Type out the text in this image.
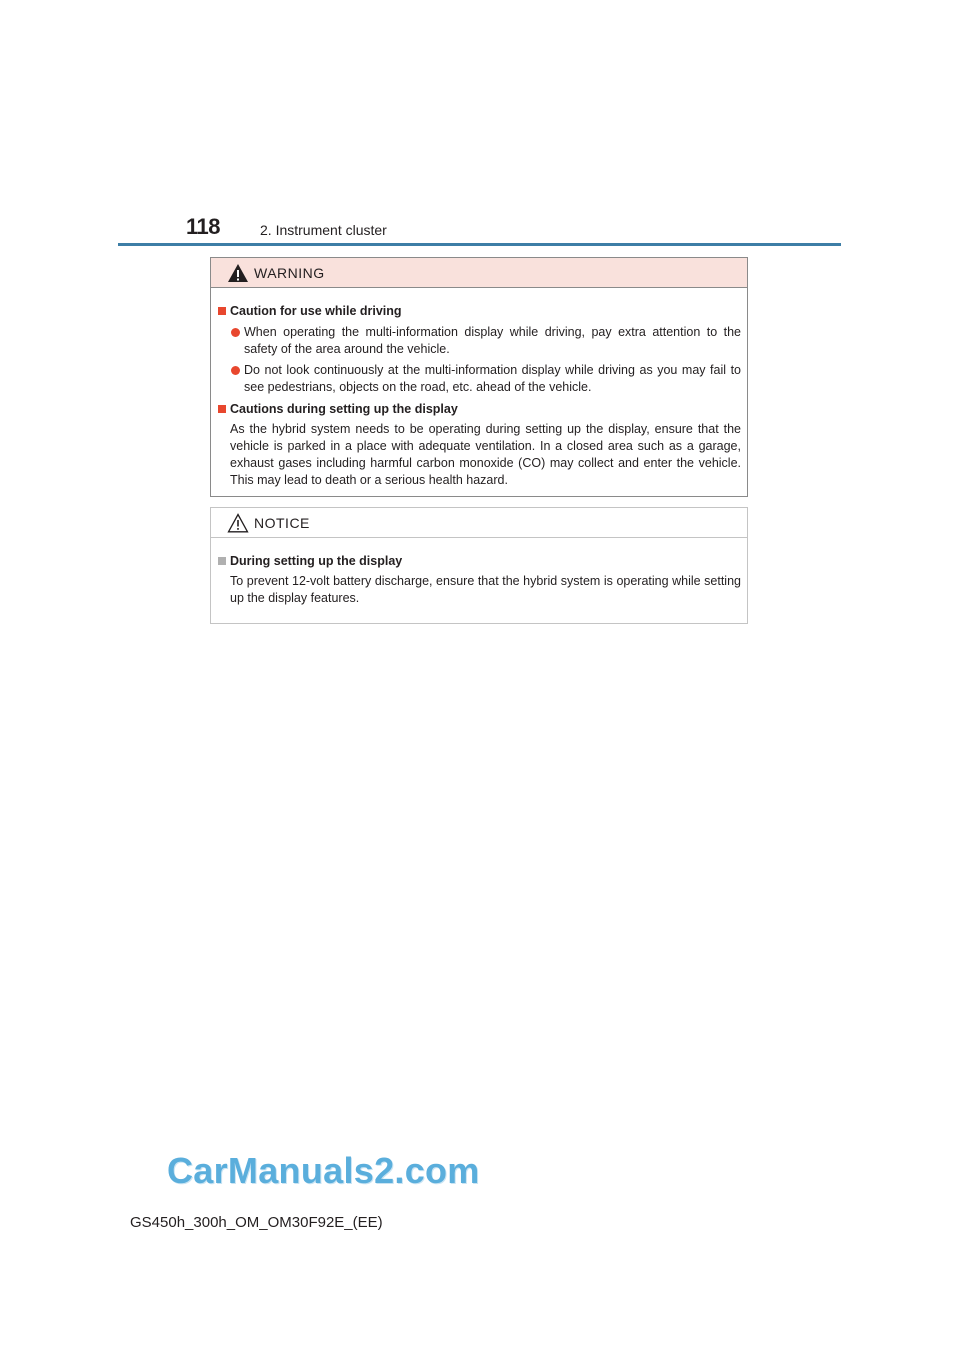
118	2. Instrument cluster
WARNING
Caution for use while driving
When operating the multi-information display while driving, pay extra attention to the safety of the area around the vehicle.
Do not look continuously at the multi-information display while driving as you may fail to see pedestrians, objects on the road, etc. ahead of the vehicle.
Cautions during setting up the display
As the hybrid system needs to be operating during setting up the display, ensure that the vehicle is parked in a place with adequate ventilation. In a closed area such as a garage, exhaust gases including harmful carbon monoxide (CO) may collect and enter the vehicle. This may lead to death or a serious health hazard.
NOTICE
During setting up the display
To prevent 12-volt battery discharge, ensure that the hybrid system is operating while setting up the display features.
CarManuals2.com
GS450h_300h_OM_OM30F92E_(EE)
